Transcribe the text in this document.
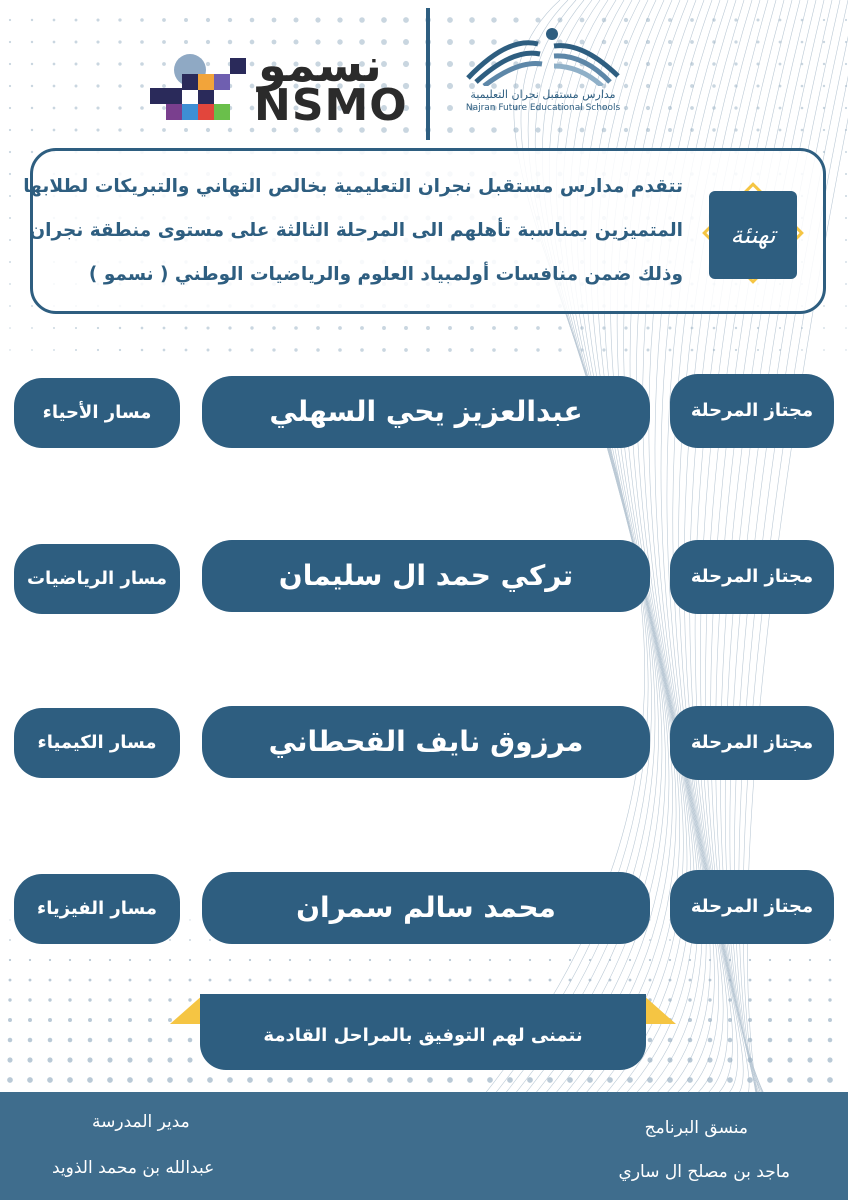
نسمو
NSMO	مدارس مستقبل نجران التعليمية
Najran Future Educational Schools
تتقدم مدارس مستقبل نجران التعليمية بخالص التهاني والتبريكات لطلابها
المتميزين بمناسبة تأهلهم الى المرحلة الثالثة على مستوى منطقة نجران
وذلك ضمن منافسات أولمبياد العلوم والرياضيات الوطني ( نسمو )
تهنئة
مجتاز المرحلة
عبدالعزيز يحي السهلي
مسار الأحياء
مجتاز المرحلة
تركي حمد ال سليمان
مسار الرياضيات
مجتاز المرحلة
مرزوق نايف القحطاني
مسار الكيمياء
مجتاز المرحلة
محمد سالم سمران
مسار الفيزياء
نتمنى لهم التوفيق بالمراحل القادمة
منسق البرنامج
ماجد بن مصلح ال ساري
مدير المدرسة
عبدالله بن محمد الذويد
